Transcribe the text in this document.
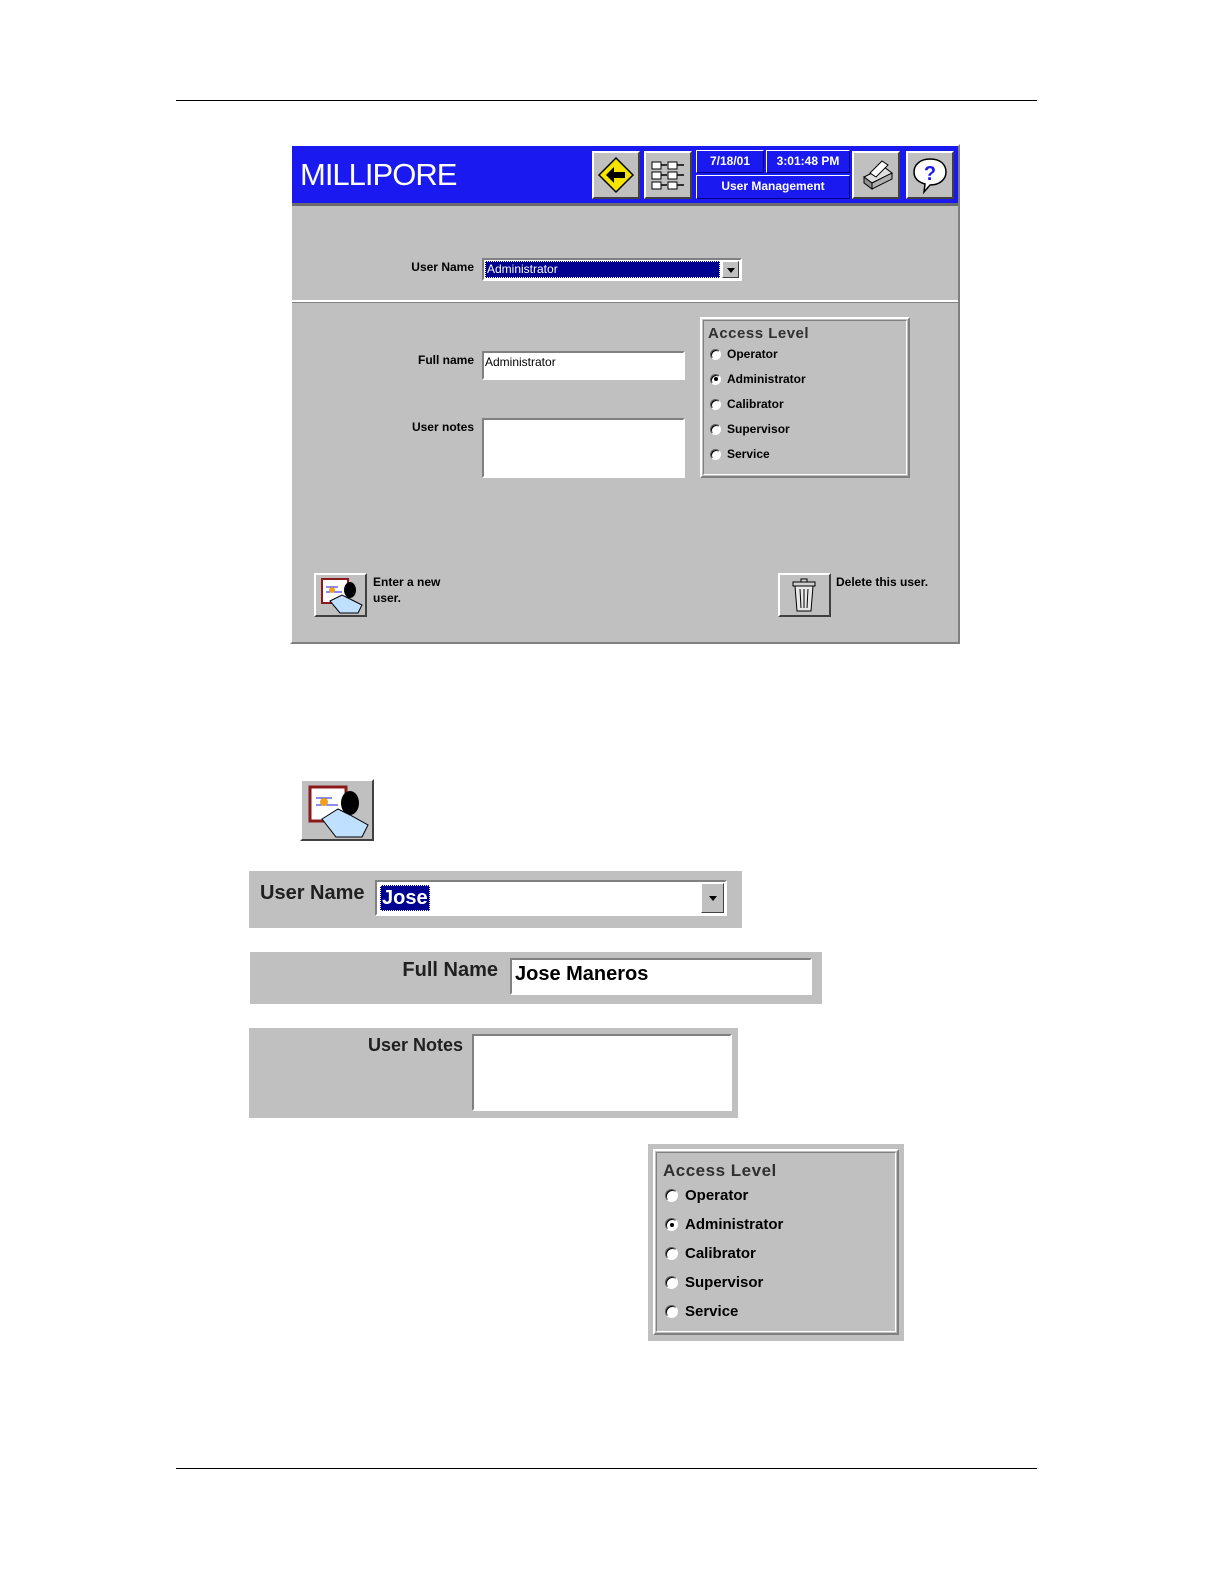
MILLIPORE	7/18/01	3:01:48 PM
User Management
?
User Name Administrator
Full name Administrator
User notes
Access Level
Operator
Administrator
Calibrator
Supervisor
Service
Enter a new user.
Delete this user.
User Name Jose
Full Name Jose Maneros
User Notes
Access Level
Operator
Administrator
Calibrator
Supervisor
Service
